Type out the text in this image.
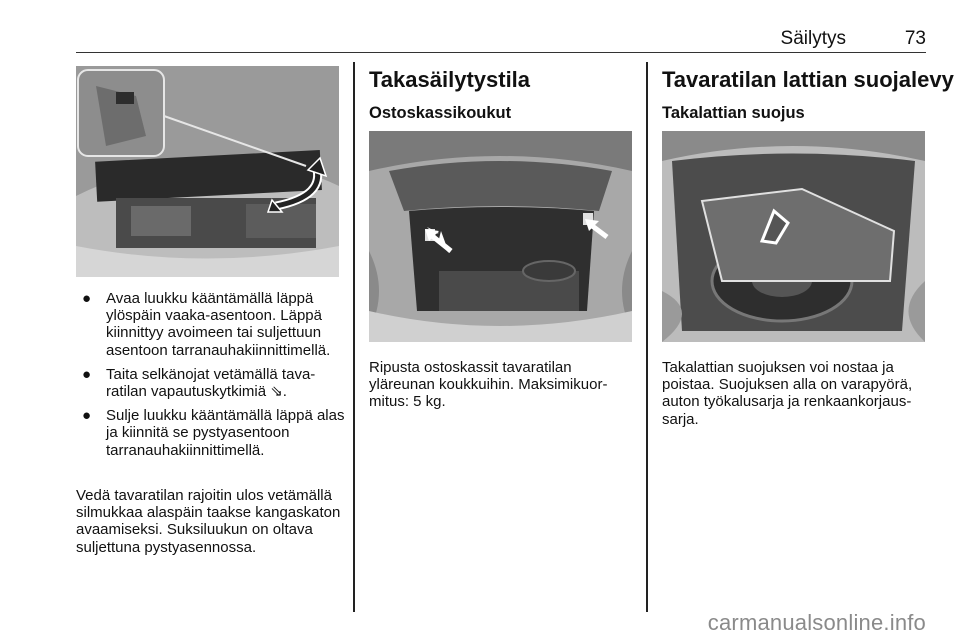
Säilytys	73
● Avaa luukku kääntämällä läppä ylöspäin vaaka-asentoon. Läppä kiinnittyy avoimeen tai suljettuun asentoon tarranauhakiinnittimellä.
● Taita selkänojat vetämällä tavaratilan vapautuskytkimiä ⇘.
● Sulje luukku kääntämällä läppä alas ja kiinnitä se pystyasentoon tarranauhakiinnittimellä.

Vedä tavaratilan rajoitin ulos vetämällä silmukkaa alaspäin taakse kangaskaton avaamiseksi. Suksiluukun on oltava suljettuna pystyasennossa.

Takasäilytystila
Ostoskassikoukut

Ripusta ostoskassit tavaratilan yläreunan koukkuihin. Maksimikuormitus: 5 kg.

Tavaratilan lattian suojalevy
Takalattian suojus

Takalattian suojuksen voi nostaa ja poistaa. Suojuksen alla on varapyörä, auton työkalusarja ja renkaankorjaussarja.

carmanualsonline.info
